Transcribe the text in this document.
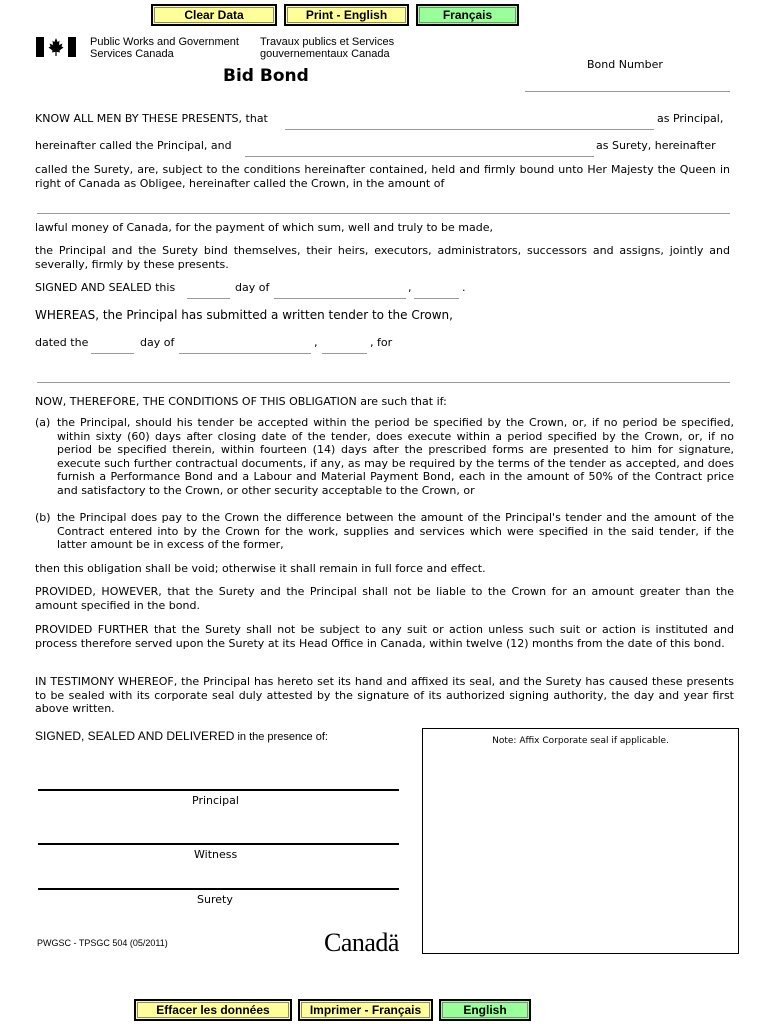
Clear Data	Print - English	Français
Public Works and Government
Services Canada
Travaux publics et Services
gouvernementaux Canada
Bid Bond
Bond Number
KNOW ALL MEN BY THESE PRESENTS, that	as Principal,
hereinafter called the Principal, and	as Surety, hereinafter
called the Surety, are, subject to the conditions hereinafter contained, held and firmly bound unto Her Majesty the Queen in right of Canada as Obligee, hereinafter called the Crown, in the amount of
lawful money of Canada, for the payment of which sum, well and truly to be made,
the Principal and the Surety bind themselves, their heirs, executors, administrators, successors and assigns, jointly and severally, firmly by these presents.
SIGNED AND SEALED this	day of	,	.
WHEREAS, the Principal has submitted a written tender to the Crown,
dated the	day of	,	, for
NOW, THEREFORE, THE CONDITIONS OF THIS OBLIGATION are such that if:
(a) the Principal, should his tender be accepted within the period be specified by the Crown, or, if no period be specified, within sixty (60) days after closing date of the tender, does execute within a period specified by the Crown, or, if no period be specified therein, within fourteen (14) days after the prescribed forms are presented to him for signature, execute such further contractual documents, if any, as may be required by the terms of the tender as accepted, and does furnish a Performance Bond and a Labour and Material Payment Bond, each in the amount of 50% of the Contract price and satisfactory to the Crown, or other security acceptable to the Crown, or
(b) the Principal does pay to the Crown the difference between the amount of the Principal's tender and the amount of the Contract entered into by the Crown for the work, supplies and services which were specified in the said tender, if the latter amount be in excess of the former,
then this obligation shall be void; otherwise it shall remain in full force and effect.
PROVIDED, HOWEVER, that the Surety and the Principal shall not be liable to the Crown for an amount greater than the amount specified in the bond.
PROVIDED FURTHER that the Surety shall not be subject to any suit or action unless such suit or action is instituted and process therefore served upon the Surety at its Head Office in Canada, within twelve (12) months from the date of this bond.
IN TESTIMONY WHEREOF, the Principal has hereto set its hand and affixed its seal, and the Surety has caused these presents to be sealed with its corporate seal duly attested by the signature of its authorized signing authority, the day and year first above written.
SIGNED, SEALED AND DELIVERED in the presence of:
Principal
Witness
Surety
Note: Affix Corporate seal if applicable.
PWGSC - TPSGC 504 (05/2011)	Canadä
Effacer les données	Imprimer - Français	English
